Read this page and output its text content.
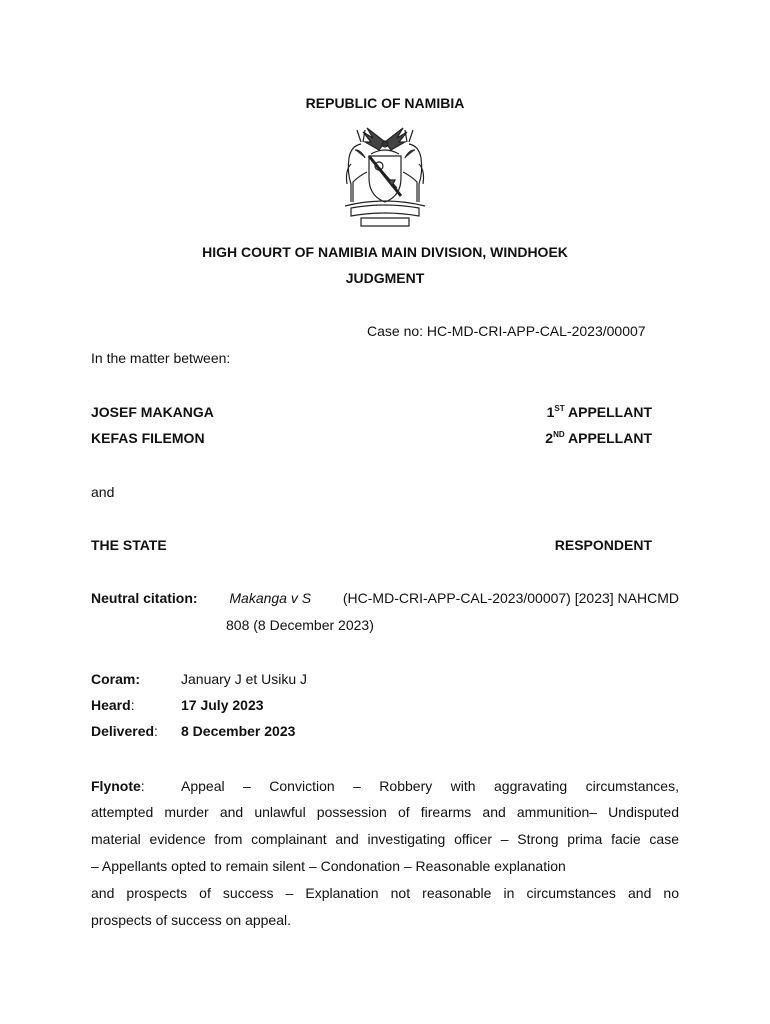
REPUBLIC OF NAMIBIA
HIGH COURT OF NAMIBIA MAIN DIVISION, WINDHOEK
JUDGMENT
Case no: HC-MD-CRI-APP-CAL-2023/00007
In the matter between:
JOSEF MAKANGA	1ST APPELLANT
KEFAS FILEMON	2ND APPELLANT
and
THE STATE	RESPONDENT
Neutral citation: Makanga v S (HC-MD-CRI-APP-CAL-2023/00007) [2023] NAHCMD
808 (8 December 2023)
Coram:	January J et Usiku J
Heard:	17 July 2023
Delivered: 8 December 2023
Flynote:	Appeal – Conviction – Robbery with aggravating circumstances,
attempted murder and unlawful possession of firearms and ammunition– Undisputed
material evidence from complainant and investigating officer – Strong prima facie case
– Appellants opted to remain silent – Condonation – Reasonable explanation
and prospects of success – Explanation not reasonable in circumstances and no
prospects of success on appeal.
